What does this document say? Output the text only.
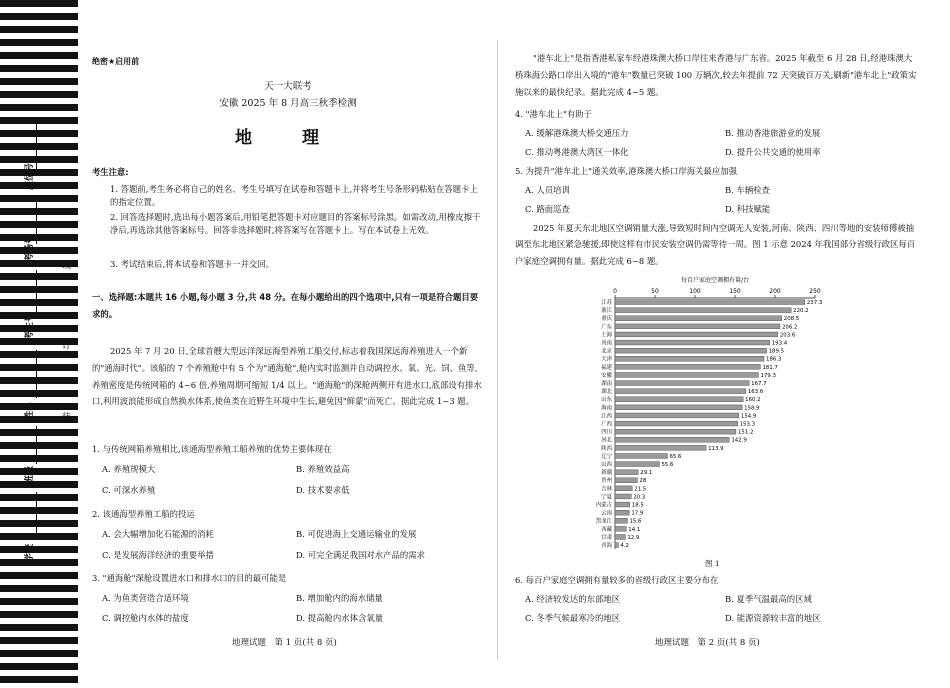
座位号
考场号
考生号
姓名
班级
学校
线
订
装
绝密★启用前
天一大联考
安徽 2025 年 8 月高三秋季检测
地 理
考生注意:
1. 答题前,考生务必将自己的姓名、考生号填写在试卷和答题卡上,并将考生号条形码粘贴在答题卡上的指定位置。
2. 回答选择题时,选出每小题答案后,用铅笔把答题卡对应题目的答案标号涂黑。如需改动,用橡皮擦干净后,再选涂其他答案标号。回答非选择题时,将答案写在答题卡上。写在本试卷上无效。
3. 考试结束后,将本试卷和答题卡一并交回。
一、选择题:本题共 16 小题,每小题 3 分,共 48 分。在每小题给出的四个选项中,只有一项是符合题目要求的。
2025 年 7 月 20 日,全球首艘大型远洋深远海型养殖工船交付,标志着我国深远海养殖进入一个新的"通海时代"。该船的 7 个养殖舱中有 5 个为"通海舱",舱内实时监测并自动调控水、氧、光、饲、鱼等,养殖密度是传统网箱的 4~6 倍,养殖周期可缩短 1/4 以上。"通海舱"的深舱两侧开有进水口,底部设有排水口,利用波浪能形成自然换水体系,使鱼类在近野生环境中生长,避免因"鲜蒙"而死亡。据此完成 1~3 题。
1. 与传统网箱养殖相比,该通海型养殖工船养殖的优势主要体现在
A. 养殖规模大	B. 养殖效益高
C. 可深水养殖	D. 技术要求低
2. 该通海型养殖工船的投运
A. 会大幅增加化石能源的消耗	B. 可促进海上交通运输业的发展
C. 是发展海洋经济的重要举措	D. 可完全满足我国对水产品的需求
3. "通海舱"深舱设置进水口和排水口的目的最可能是
A. 为鱼类营造合适环境	B. 增加舱内的海水储量
C. 调控舱内水体的盐度	D. 提高舱内水体含氧量
地理试题　第 1 页(共 8 页)
"港车北上"是指香港私家车经港珠澳大桥口岸往来香港与广东省。2025 年截至 6 月 28 日,经港珠澳大桥珠海公路口岸出入境的"港车"数量已突破 100 万辆次,较去年提前 72 天突破百万关,刷新"港车北上"政策实施以来的最快纪录。据此完成 4~5 题。
4. "港车北上"有助于
A. 缓解港珠澳大桥交通压力	B. 推动香港旅游业的发展
C. 推动粤港澳大湾区一体化	D. 提升公共交通的使用率
5. 为提升"港车北上"通关效率,港珠澳大桥口岸海关最应加强
A. 人员培训	B. 车辆检查
C. 路面巡查	D. 科技赋能
2025 年夏天东北地区空调销量大涨,导致短时间内空调无人安装,河南、陕西、四川等地的安装师傅被抽调至东北地区紧急驰援,即使这样有市民安装空调仍需等待一周。图 1 示意 2024 年我国部分省级行政区每百户家庭空调拥有量。据此完成 6~8 题。
每百户家庭空调拥有量/台
0	50	100	150	200	250
江苏	237.3
浙江	220.2
重庆	208.5
广东	206.2
上海	203.6
河南	193.4
北京	189.5
天津	186.3
福建	181.7
安徽	179.3
湖南	167.7
湖北	163.6
山东	160.2
海南	158.9
江西	154.9
广西	153.3
四川	151.2
河北	142.9
陕西	113.9
辽宁	65.6
山西	55.6
新疆	29.1
贵州	28
吉林	21.5
宁夏	20.3
内蒙古	18.5
云南	17.9
黑龙江	15.6
西藏	14.1
甘肃	12.9
青海 4.2
图 1
6. 每百户家庭空调拥有量较多的省级行政区主要分布在
A. 经济较发达的东部地区	B. 夏季气温最高的区域
C. 冬季气候最寒冷的地区	D. 能源资源较丰富的地区
地理试题　第 2 页(共 8 页)
